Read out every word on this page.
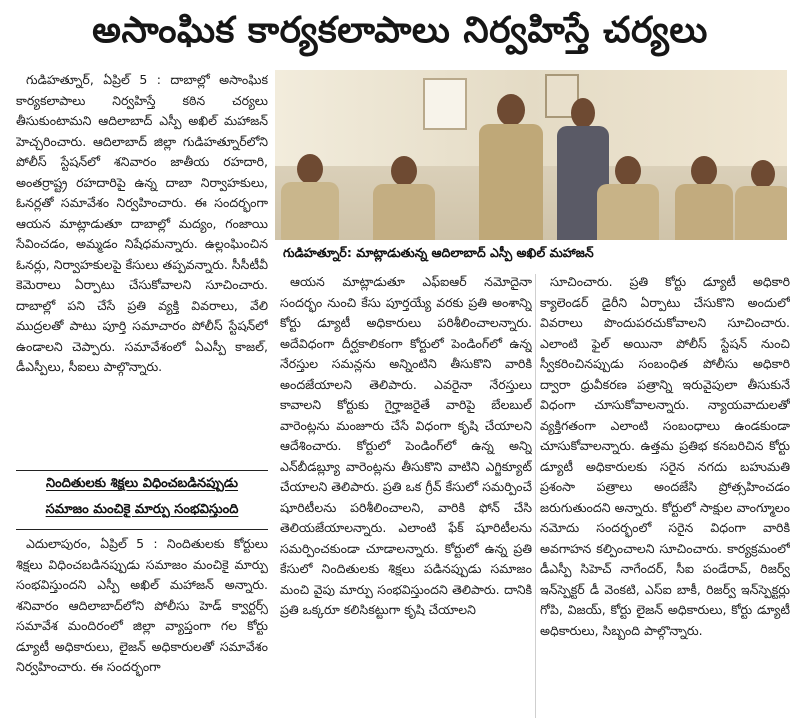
అసాంఘిక కార్యకలాపాలు నిర్వహిస్తే చర్యలు

గుడిహత్నూర్, ఏప్రిల్ 5 : దాబాల్లో అసాంఘిక కార్యకలాపాలు నిర్వహిస్తే కఠిన చర్యలు తీసుకుంటామని ఆదిలాబాద్ ఎస్పీ అఖిల్ మహాజన్ హెచ్చరించారు. ఆదిలాబాద్ జిల్లా గుడిహత్నూర్‌లోని పోలీస్ స్టేషన్‌లో శనివారం జాతీయ రహదారి, అంతర్రాష్ట్ర రహదారిపై ఉన్న దాబా నిర్వాహకులు, ఓనర్లతో సమావేశం నిర్వహించారు. ఈ సందర్భంగా ఆయన మాట్లాడుతూ దాబాల్లో మద్యం, గంజాయి సేవించడం, అమ్మడం నిషేధమన్నారు. ఉల్లంఘించిన ఓనర్లు, నిర్వాహకులపై కేసులు తప్పవన్నారు. సీసీటీవీ కెమెరాలు ఏర్పాటు చేసుకోవాలని సూచించారు. దాబాల్లో పని చేసే ప్రతి వ్యక్తి వివరాలు, వేలి ముద్రలతో పాటు పూర్తి సమాచారం పోలీస్ స్టేషన్‌లో ఉండాలని చెప్పారు. సమావేశంలో ఏఎస్పీ కాజల్, డీఎస్పీలు, సీఐలు పాల్గొన్నారు.

నిందితులకు శిక్షలు విధించబడినప్పుడు
సమాజం మంచికై మార్పు సంభవిస్తుంది

ఎదులాపురం, ఏప్రిల్ 5 : నిందితులకు కోర్టులు శిక్షలు విధించబడినప్పుడు సమాజం మంచికై మార్పు సంభవిస్తుందని ఎస్పీ అఖిల్ మహాజన్ అన్నారు. శనివారం ఆదిలాబాద్‌లోని పోలీసు హెడ్ క్వార్టర్స్ సమావేశ మందిరంలో జిల్లా వ్యాప్తంగా గల కోర్టు డ్యూటీ అధికారులు, లైజన్ అధికారులతో సమావేశం నిర్వహించారు. ఈ సందర్భంగా

గుడిహత్నూర్: మాట్లాడుతున్న ఆదిలాబాద్ ఎస్పీ అఖిల్ మహాజన్

ఆయన మాట్లాడుతూ ఎఫ్ఐఆర్ నమోదైనా సందర్భం నుంచి కేసు పూర్తయ్యే వరకు ప్రతి అంశాన్ని కోర్టు డ్యూటీ అధికారులు పరిశీలించాలన్నారు. అదేవిధంగా దీర్ఘకాలికంగా కోర్టులో పెండింగ్‌లో ఉన్న నేరస్తుల సమన్లను అన్నింటిని తీసుకొని వారికి అందజేయాలని తెలిపారు. ఎవరైనా నేరస్తులు కావాలని కోర్టుకు గైర్హాజరైతే వారిపై బేలబుల్ వారెంట్లను మంజూరు చేసే విధంగా కృషి చేయాలని ఆదేశించారు. కోర్టులో పెండింగ్‌లో ఉన్న అన్ని ఎన్‌బీడబ్ల్యూ వారెంట్లను తీసుకొని వాటిని ఎగ్జిక్యూట్ చేయాలని తెలిపారు. ప్రతి ఒక గ్రీవ్ కేసులో సమర్పించే షూరిటీలను పరిశీలించాలని, వారికి ఫోన్ చేసి తెలియజేయాలన్నారు. ఎలాంటి ఫేక్ షూరిటీలను సమర్పించకుండా చూడాలన్నారు. కోర్టులో ఉన్న ప్రతి కేసులో నిందితులకు శిక్షలు పడినప్పుడు సమాజం మంచి వైపు మార్పు సంభవిస్తుందని తెలిపారు. దానికి ప్రతి ఒక్కరూ కలిసికట్టుగా కృషి చేయాలని

సూచించారు. ప్రతి కోర్టు డ్యూటీ అధికారి క్యాలెండర్ డైరీని ఏర్పాటు చేసుకొని అందులో వివరాలు పొందుపరచుకోవాలని సూచించారు. ఎలాంటి ఫైల్ అయినా పోలీస్ స్టేషన్ నుంచి స్వీకరించినప్పుడు సంబంధిత పోలీసు అధికారి ద్వారా ధ్రువీకరణ పత్రాన్ని ఇరువైపులా తీసుకునే విధంగా చూసుకోవాలన్నారు. న్యాయవాదులతో వ్యక్తిగతంగా ఎలాంటి సంబంధాలు ఉండకుండా చూసుకోవాలన్నారు. ఉత్తమ ప్రతిభ కనబరిచిన కోర్టు డ్యూటీ అధికారులకు సరైన నగదు బహుమతి ప్రశంసా పత్రాలు అందజేసి ప్రోత్సహించడం జరుగుతుందని అన్నారు. కోర్టులో సాక్షుల వాంగ్మూలం నమోదు సందర్భంలో సరైన విధంగా వారికి అవగాహన కల్పించాలని సూచించారు. కార్యక్రమంలో డీఎస్పీ సిహెచ్ నాగేందర్, సీఐ పండేరావ్, రిజర్వ్ ఇన్‌స్పెక్టర్ డీ వెంకటి, ఎస్ఐ బాకీ, రిజర్వ్ ఇన్‌స్పెక్టర్లు గోపి, విజయ్, కోర్టు లైజన్ అధికారులు, కోర్టు డ్యూటీ అధికారులు, సిబ్బంది పాల్గొన్నారు.
